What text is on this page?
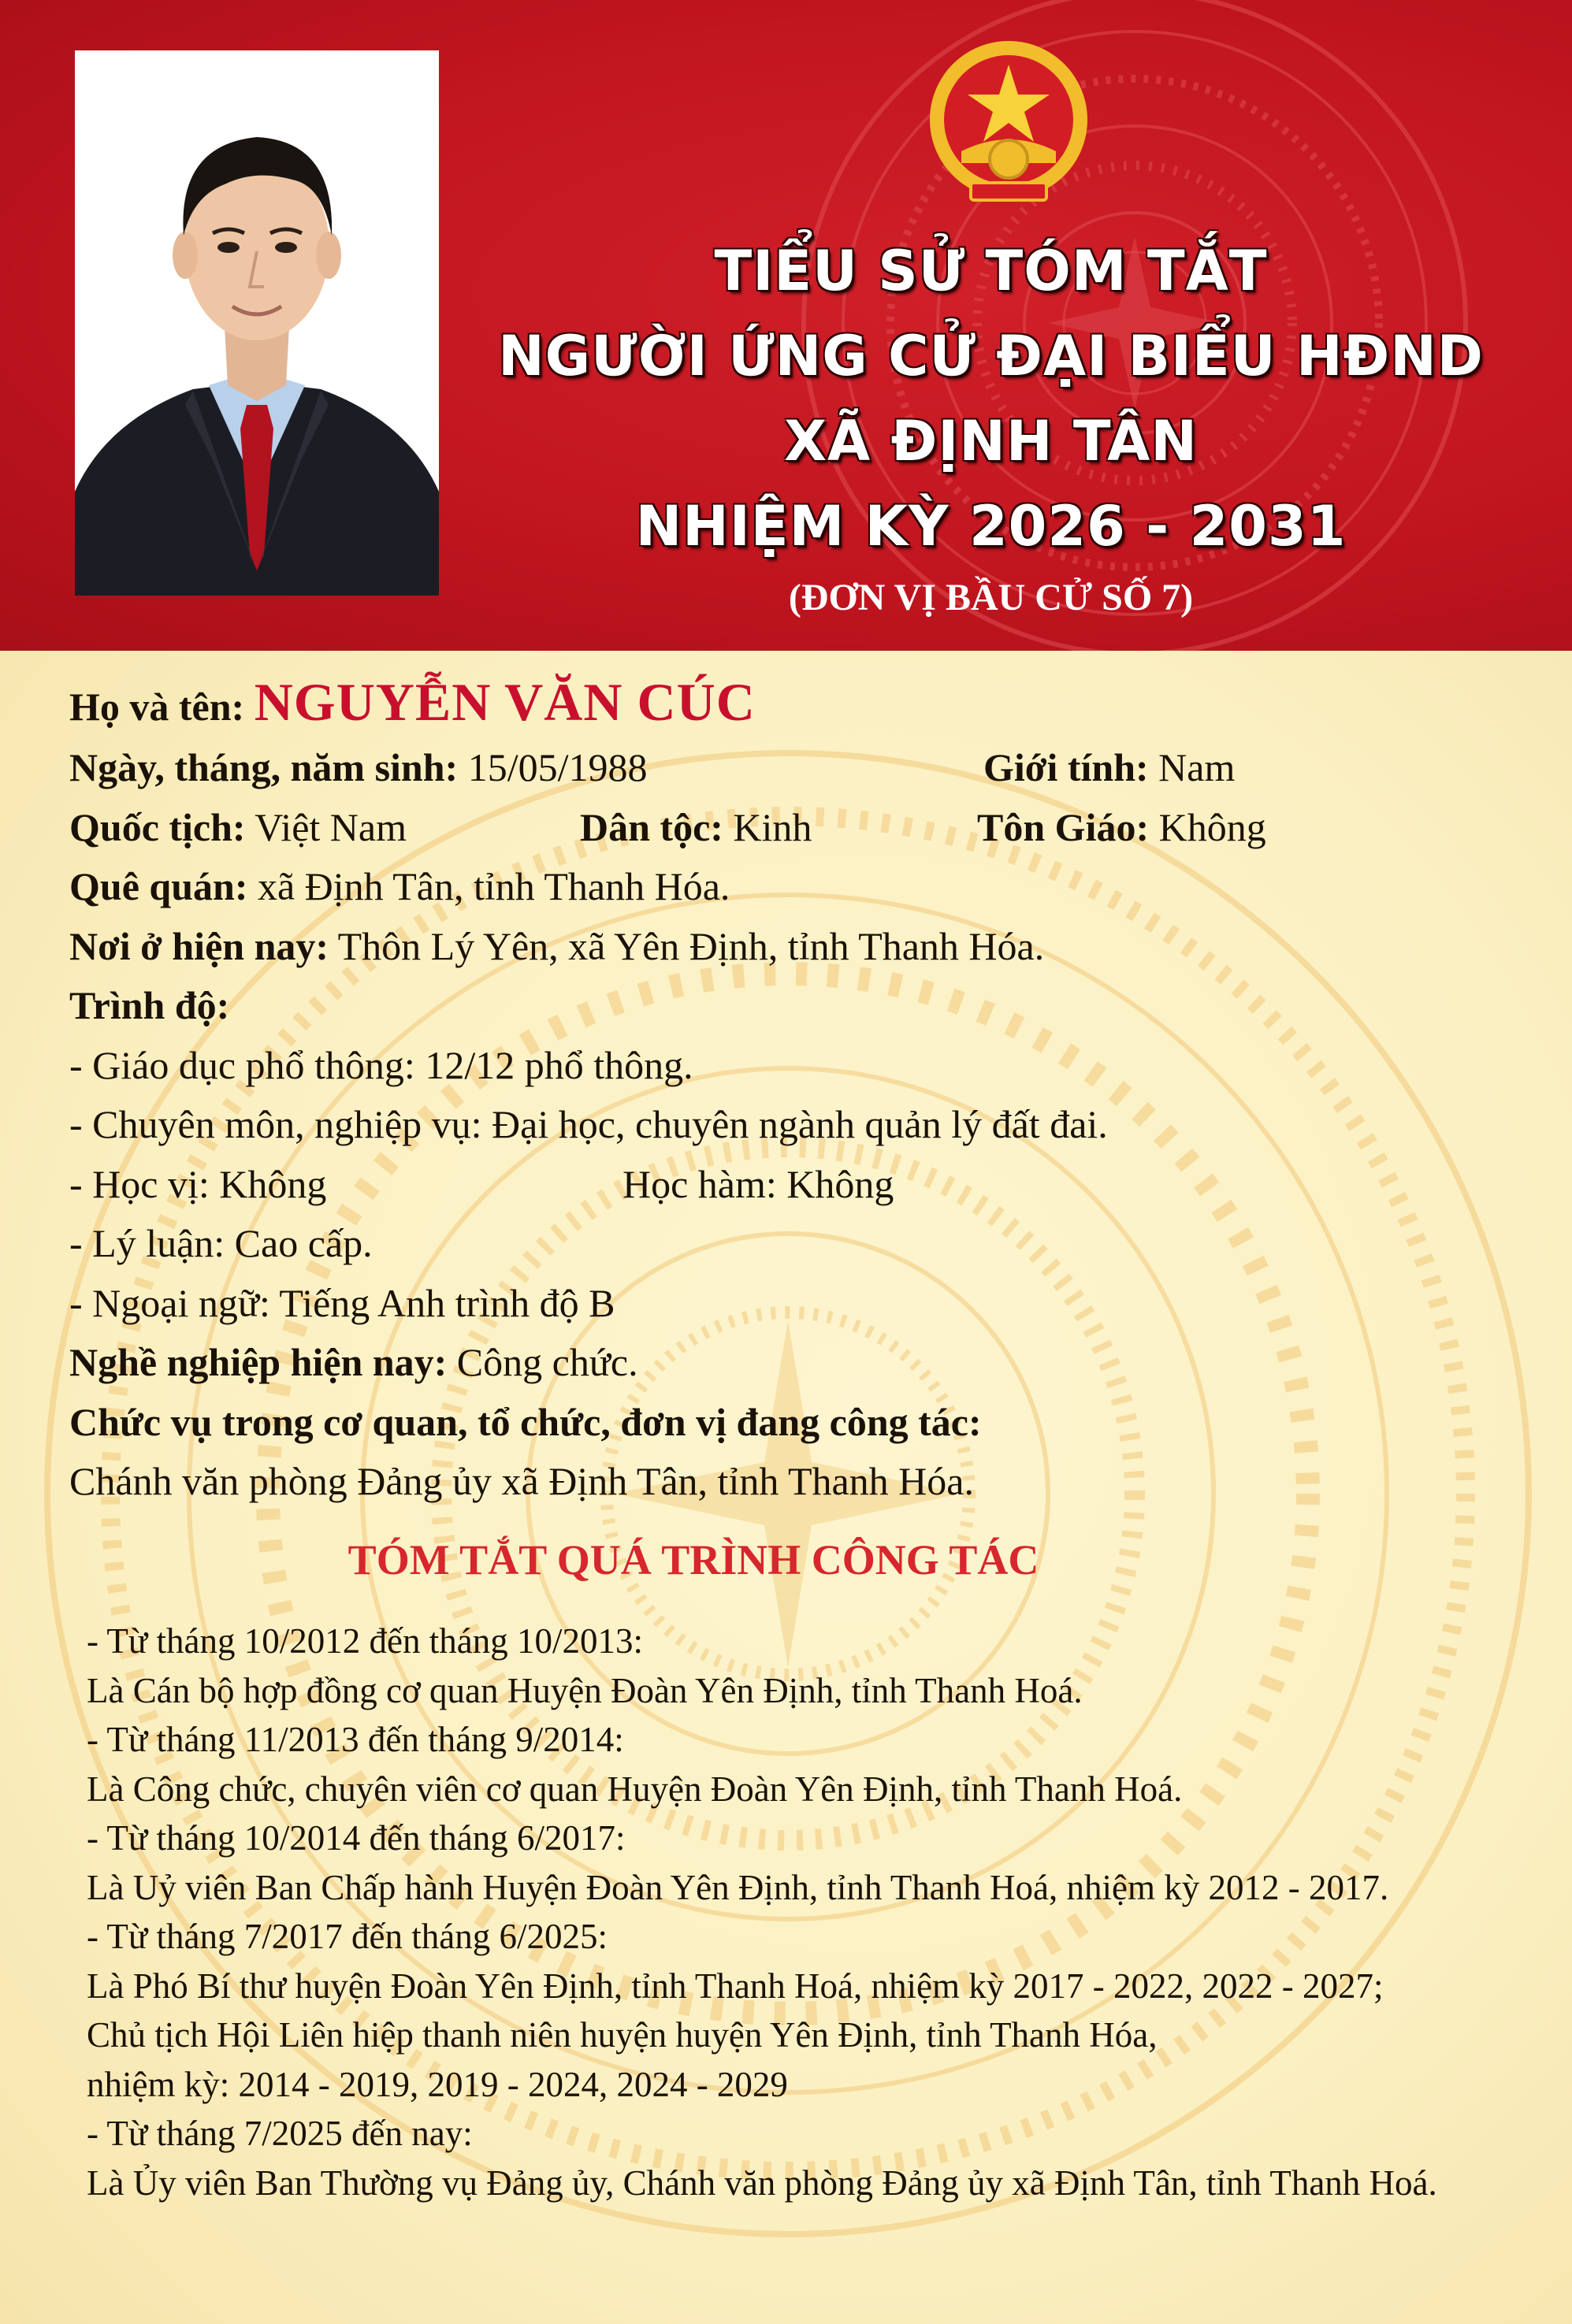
TIỂU SỬ TÓM TẮT
NGƯỜI ỨNG CỬ ĐẠI BIỂU HĐND
XÃ ĐỊNH TÂN
NHIỆM KỲ 2026 - 2031
(ĐƠN VỊ BẦU CỬ SỐ 7)
Họ và tên: NGUYỄN VĂN CÚC
Ngày, tháng, năm sinh: 15/05/1988	Giới tính: Nam
Quốc tịch: Việt Nam	Dân tộc: Kinh	Tôn Giáo: Không
Quê quán: xã Định Tân, tỉnh Thanh Hóa.
Nơi ở hiện nay: Thôn Lý Yên, xã Yên Định, tỉnh Thanh Hóa.
Trình độ:
- Giáo dục phổ thông: 12/12 phổ thông.
- Chuyên môn, nghiệp vụ: Đại học, chuyên ngành quản lý đất đai.
- Học vị: Không	Học hàm: Không
- Lý luận: Cao cấp.
- Ngoại ngữ: Tiếng Anh trình độ B
Nghề nghiệp hiện nay: Công chức.
Chức vụ trong cơ quan, tổ chức, đơn vị đang công tác:
Chánh văn phòng Đảng ủy xã Định Tân, tỉnh Thanh Hóa.
TÓM TẮT QUÁ TRÌNH CÔNG TÁC
- Từ tháng 10/2012 đến tháng 10/2013:
Là Cán bộ hợp đồng cơ quan Huyện Đoàn Yên Định, tỉnh Thanh Hoá.
- Từ tháng 11/2013 đến tháng 9/2014:
Là Công chức, chuyên viên cơ quan Huyện Đoàn Yên Định, tỉnh Thanh Hoá.
- Từ tháng 10/2014 đến tháng 6/2017:
Là Uỷ viên Ban Chấp hành Huyện Đoàn Yên Định, tỉnh Thanh Hoá, nhiệm kỳ 2012 - 2017.
- Từ tháng 7/2017 đến tháng 6/2025:
Là Phó Bí thư huyện Đoàn Yên Định, tỉnh Thanh Hoá, nhiệm kỳ 2017 - 2022, 2022 - 2027;
Chủ tịch Hội Liên hiệp thanh niên huyện huyện Yên Định, tỉnh Thanh Hóa,
nhiệm kỳ: 2014 - 2019, 2019 - 2024, 2024 - 2029
- Từ tháng 7/2025 đến nay:
Là Ủy viên Ban Thường vụ Đảng ủy, Chánh văn phòng Đảng ủy xã Định Tân, tỉnh Thanh Hoá.
